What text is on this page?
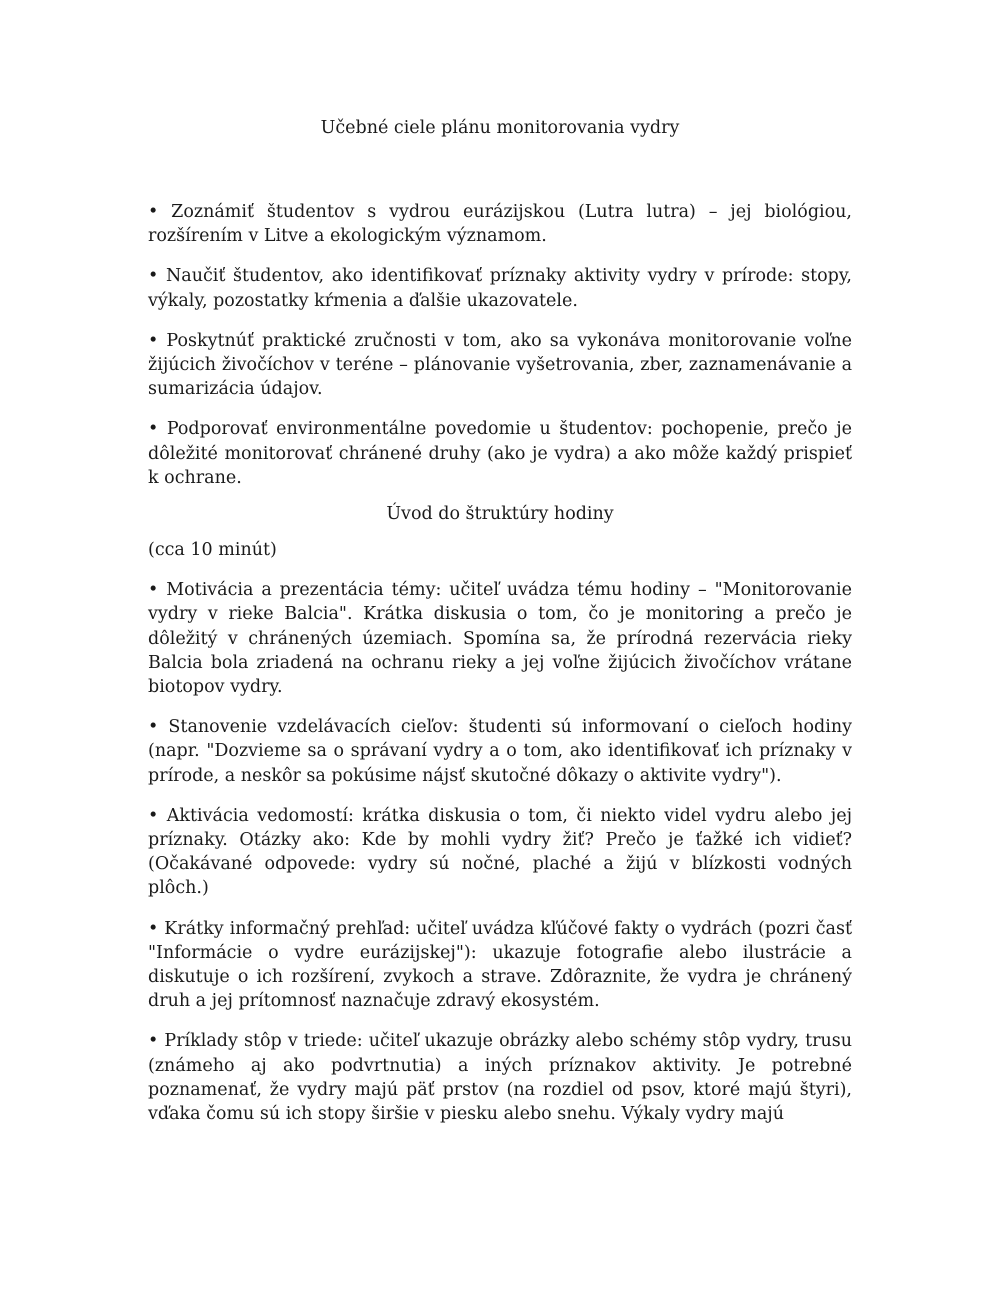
Učebné ciele plánu monitorovania vydry

• Zoznámiť študentov s vydrou eurázijskou (Lutra lutra) – jej biológiou, rozšírením v Litve a ekologickým významom.

• Naučiť študentov, ako identifikovať príznaky aktivity vydry v prírode: stopy, výkaly, pozostatky kŕmenia a ďalšie ukazovatele.

• Poskytnúť praktické zručnosti v tom, ako sa vykonáva monitorovanie voľne žijúcich živočíchov v teréne – plánovanie vyšetrovania, zber, zaznamenávanie a sumarizácia údajov.

• Podporovať environmentálne povedomie u študentov: pochopenie, prečo je dôležité monitorovať chránené druhy (ako je vydra) a ako môže každý prispieť k ochrane.

Úvod do štruktúry hodiny

(cca 10 minút)

• Motivácia a prezentácia témy: učiteľ uvádza tému hodiny – "Monitorovanie vydry v rieke Balcia". Krátka diskusia o tom, čo je monitoring a prečo je dôležitý v chránených územiach. Spomína sa, že prírodná rezervácia rieky Balcia bola zriadená na ochranu rieky a jej voľne žijúcich živočíchov vrátane biotopov vydry.

• Stanovenie vzdelávacích cieľov: študenti sú informovaní o cieľoch hodiny (napr. "Dozvieme sa o správaní vydry a o tom, ako identifikovať ich príznaky v prírode, a neskôr sa pokúsime nájsť skutočné dôkazy o aktivite vydry").

• Aktivácia vedomostí: krátka diskusia o tom, či niekto videl vydru alebo jej príznaky. Otázky ako: Kde by mohli vydry žiť? Prečo je ťažké ich vidieť? (Očakávané odpovede: vydry sú nočné, plaché a žijú v blízkosti vodných plôch.)

• Krátky informačný prehľad: učiteľ uvádza kľúčové fakty o vydrách (pozri časť "Informácie o vydre eurázijskej"): ukazuje fotografie alebo ilustrácie a diskutuje o ich rozšírení, zvykoch a strave. Zdôraznite, že vydra je chránený druh a jej prítomnosť naznačuje zdravý ekosystém.

• Príklady stôp v triede: učiteľ ukazuje obrázky alebo schémy stôp vydry, trusu (známeho aj ako podvrtnutia) a iných príznakov aktivity. Je potrebné poznamenať, že vydry majú päť prstov (na rozdiel od psov, ktoré majú štyri), vďaka čomu sú ich stopy širšie v piesku alebo snehu. Výkaly vydry majú
